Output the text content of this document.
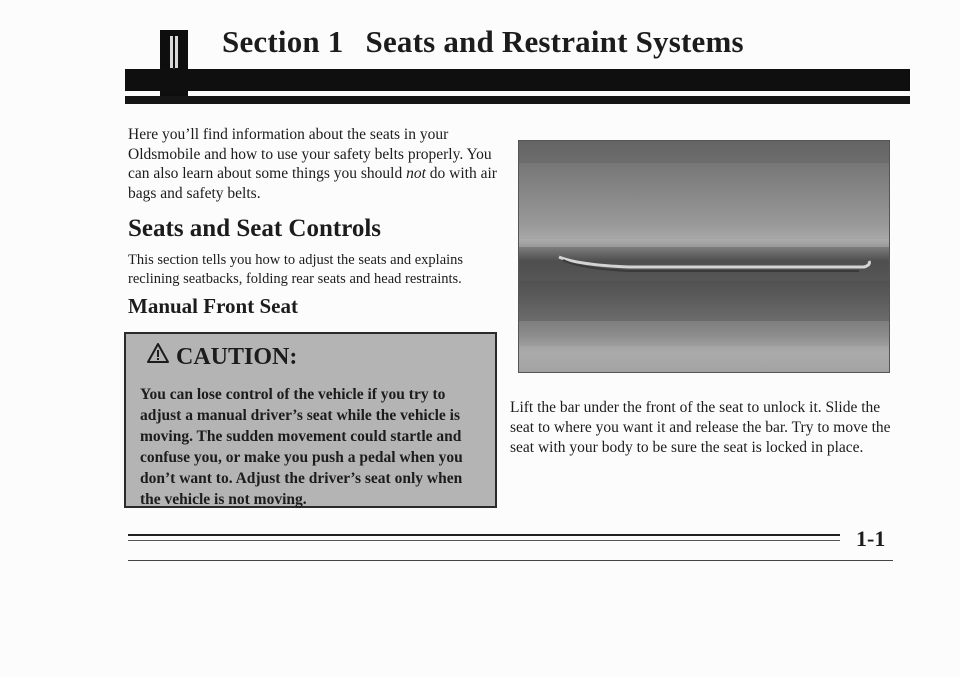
Section 1 Seats and Restraint Systems

Here you’ll find information about the seats in your Oldsmobile and how to use your safety belts properly. You can also learn about some things you should not do with air bags and safety belts.

Seats and Seat Controls

This section tells you how to adjust the seats and explains reclining seatbacks, folding rear seats and head restraints.

Manual Front Seat
CAUTION:
You can lose control of the vehicle if you try to adjust a manual driver’s seat while the vehicle is moving. The sudden movement could startle and confuse you, or make you push a pedal when you don’t want to. Adjust the driver’s seat only when the vehicle is not moving.

Lift the bar under the front of the seat to unlock it. Slide the seat to where you want it and release the bar. Try to move the seat with your body to be sure the seat is locked in place.

1-1
